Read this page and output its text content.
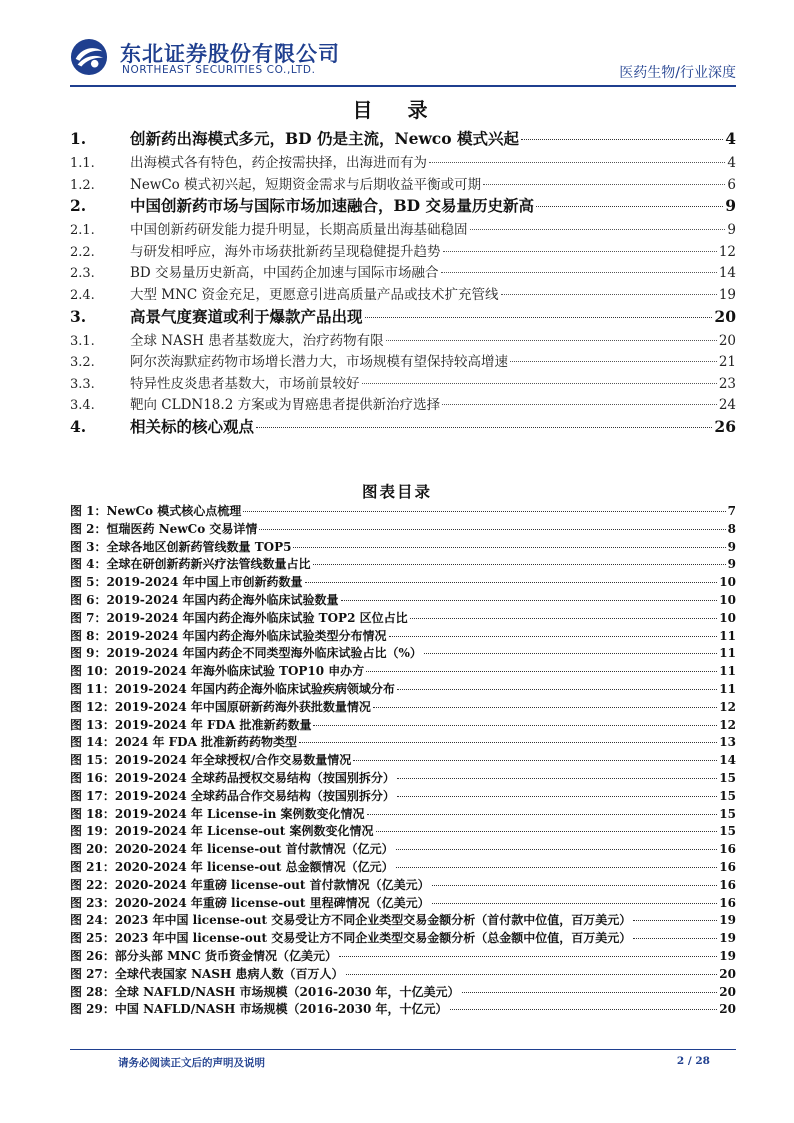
东北证券股份有限公司
NORTHEAST SECURITIES CO.,LTD.	医药生物/行业深度
目 录
1.	创新药出海模式多元，BD 仍是主流，Newco 模式兴起	4
1.1.	出海模式各有特色，药企按需抉择，出海进而有为	4
1.2.	NewCo 模式初兴起，短期资金需求与后期收益平衡或可期	6
2.	中国创新药市场与国际市场加速融合，BD 交易量历史新高	9
2.1.	中国创新药研发能力提升明显，长期高质量出海基础稳固	9
2.2.	与研发相呼应，海外市场获批新药呈现稳健提升趋势	12
2.3.	BD 交易量历史新高，中国药企加速与国际市场融合	14
2.4.	大型 MNC 资金充足，更愿意引进高质量产品或技术扩充管线	19
3.	高景气度赛道或利于爆款产品出现	20
3.1.	全球 NASH 患者基数庞大，治疗药物有限	20
3.2.	阿尔茨海默症药物市场增长潜力大，市场规模有望保持较高增速	21
3.3.	特异性皮炎患者基数大，市场前景较好	23
3.4.	靶向 CLDN18.2 方案或为胃癌患者提供新治疗选择	24
4.	相关标的核心观点	26
图表目录
图 1： NewCo 模式核心点梳理	7
图 2： 恒瑞医药 NewCo 交易详情	8
图 3： 全球各地区创新药管线数量 TOP5	9
图 4： 全球在研创新药新兴疗法管线数量占比	9
图 5： 2019-2024 年中国上市创新药数量	10
图 6： 2019-2024 年国内药企海外临床试验数量	10
图 7： 2019-2024 年国内药企海外临床试验 TOP2 区位占比	10
图 8： 2019-2024 年国内药企海外临床试验类型分布情况	11
图 9： 2019-2024 年国内药企不同类型海外临床试验占比（%）	11
图 10： 2019-2024 年海外临床试验 TOP10 申办方	11
图 11： 2019-2024 年国内药企海外临床试验疾病领域分布	11
图 12： 2019-2024 年中国原研新药海外获批数量情况	12
图 13： 2019-2024 年 FDA 批准新药数量	12
图 14： 2024 年 FDA 批准新药药物类型	13
图 15： 2019-2024 年全球授权/合作交易数量情况	14
图 16： 2019-2024 全球药品授权交易结构（按国别拆分）	15
图 17： 2019-2024 全球药品合作交易结构（按国别拆分）	15
图 18： 2019-2024 年 License-in 案例数变化情况	15
图 19： 2019-2024 年 License-out 案例数变化情况	15
图 20： 2020-2024 年 license-out 首付款情况（亿元）	16
图 21： 2020-2024 年 license-out 总金额情况（亿元）	16
图 22： 2020-2024 年重磅 license-out 首付款情况（亿美元）	16
图 23： 2020-2024 年重磅 license-out 里程碑情况（亿美元）	16
图 24： 2023 年中国 license-out 交易受让方不同企业类型交易金额分析（首付款中位值，百万美元）	19
图 25： 2023 年中国 license-out 交易受让方不同企业类型交易金额分析（总金额中位值，百万美元）	19
图 26： 部分头部 MNC 货币资金情况（亿美元）	19
图 27： 全球代表国家 NASH 患病人数（百万人）	20
图 28： 全球 NAFLD/NASH 市场规模（2016-2030 年，十亿美元）	20
图 29： 中国 NAFLD/NASH 市场规模（2016-2030 年，十亿元）	20
请务必阅读正文后的声明及说明	2 / 28
